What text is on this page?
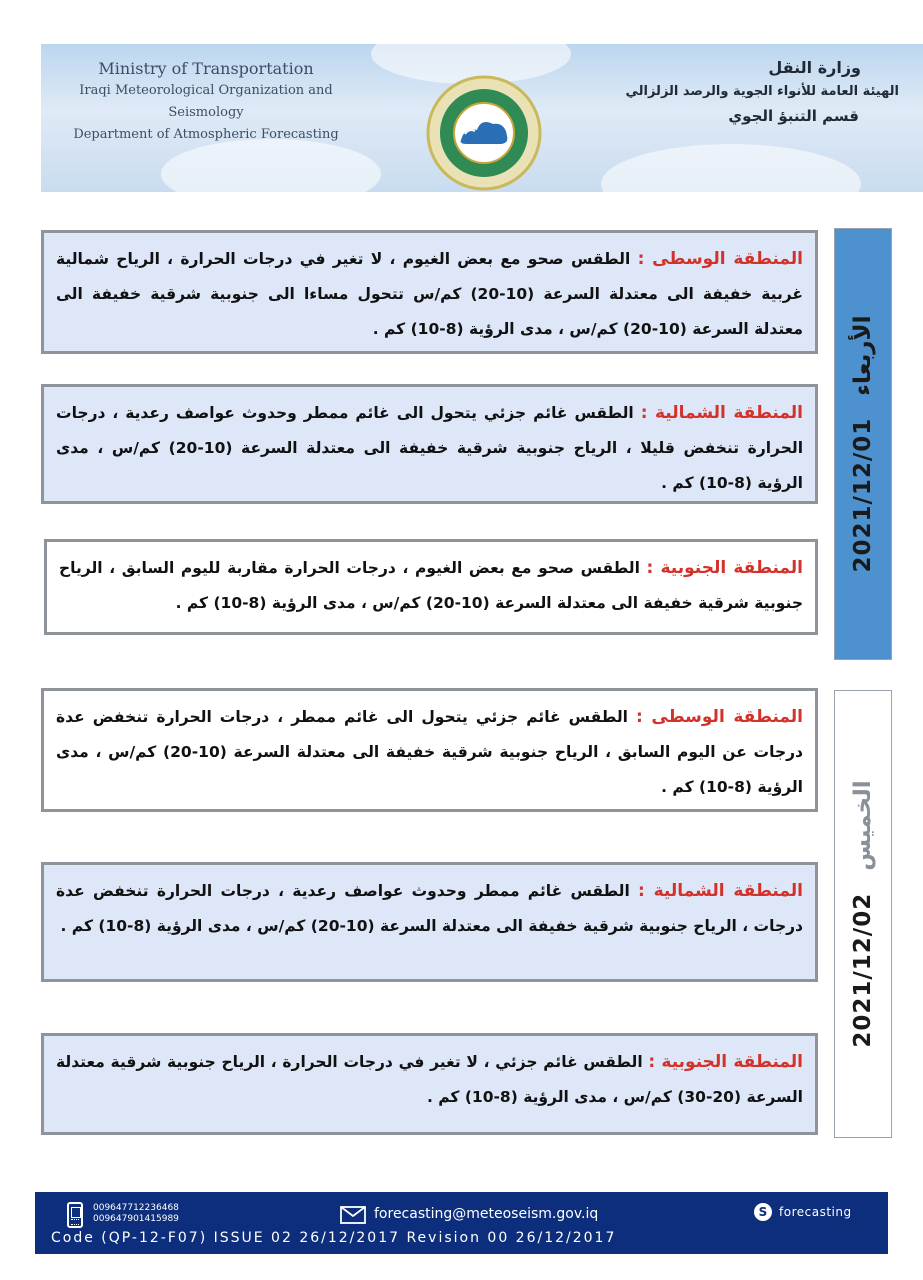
Ministry of Transportation
Iraqi Meteorological Organization and Seismology
Department of Atmospheric Forecasting
وزارة النقل
الهيئة العامة للأنواء الجوية والرصد الزلزالي
قسم التنبؤ الجوي
المنطقة الوسطى : الطقس صحو مع بعض الغيوم ، لا تغير في درجات الحرارة ، الرياح شمالية غربية خفيفة الى معتدلة السرعة (10-20) كم/س تتحول مساءا الى جنوبية شرقية خفيفة الى معتدلة السرعة (10-20) كم/س ، مدى الرؤية (8-10) كم .
المنطقة الشمالية : الطقس غائم جزئي يتحول الى غائم ممطر وحدوث عواصف رعدية ، درجات الحرارة تنخفض قليلا ، الرياح جنوبية شرقية خفيفة الى معتدلة السرعة (10-20) كم/س ، مدى الرؤية (8-10) كم .
المنطقة الجنوبية : الطقس صحو مع بعض الغيوم ، درجات الحرارة مقاربة لليوم السابق ، الرياح جنوبية شرقية خفيفة الى معتدلة السرعة (10-20) كم/س ، مدى الرؤية (8-10) كم .
2021/12/01
الأربعاء
المنطقة الوسطى : الطقس غائم جزئي يتحول الى غائم ممطر ، درجات الحرارة تنخفض عدة درجات عن اليوم السابق ، الرياح جنوبية شرقية خفيفة الى معتدلة السرعة (10-20) كم/س ، مدى الرؤية (8-10) كم .
المنطقة الشمالية : الطقس غائم ممطر وحدوث عواصف رعدية ، درجات الحرارة تنخفض عدة درجات ، الرياح جنوبية شرقية خفيفة الى معتدلة السرعة (10-20) كم/س ، مدى الرؤية (8-10) كم .
المنطقة الجنوبية : الطقس غائم جزئي ، لا تغير في درجات الحرارة ، الرياح جنوبية شرقية معتدلة السرعة (20-30) كم/س ، مدى الرؤية (8-10) كم .
2021/12/02
الخميس
009647712236468
009647901415989	forecasting@meteoseism.gov.iq	S forecasting
Code (QP-12-F07) ISSUE 02 26/12/2017 Revision 00 26/12/2017
